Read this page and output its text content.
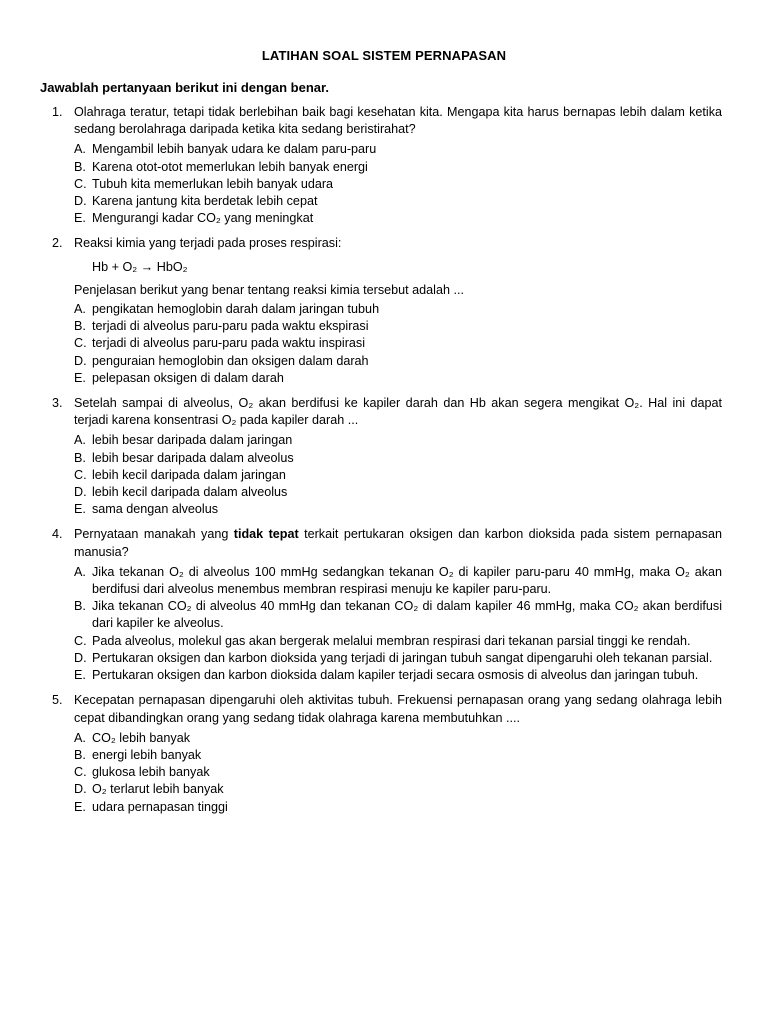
LATIHAN SOAL SISTEM PERNAPASAN
Jawablah pertanyaan berikut ini dengan benar.
1. Olahraga teratur, tetapi tidak berlebihan baik bagi kesehatan kita. Mengapa kita harus bernapas lebih dalam ketika sedang berolahraga daripada ketika kita sedang beristirahat?
A. Mengambil lebih banyak udara ke dalam paru-paru
B. Karena otot-otot memerlukan lebih banyak energi
C. Tubuh kita memerlukan lebih banyak udara
D. Karena jantung kita berdetak lebih cepat
E. Mengurangi kadar CO₂ yang meningkat
2. Reaksi kimia yang terjadi pada proses respirasi:
Hb + O₂ → HbO₂
Penjelasan berikut yang benar tentang reaksi kimia tersebut adalah ...
A. pengikatan hemoglobin darah dalam jaringan tubuh
B. terjadi di alveolus paru-paru pada waktu ekspirasi
C. terjadi di alveolus paru-paru pada waktu inspirasi
D. penguraian hemoglobin dan oksigen dalam darah
E. pelepasan oksigen di dalam darah
3. Setelah sampai di alveolus, O₂ akan berdifusi ke kapiler darah dan Hb akan segera mengikat O₂. Hal ini dapat terjadi karena konsentrasi O₂ pada kapiler darah ...
A. lebih besar daripada dalam jaringan
B. lebih besar daripada dalam alveolus
C. lebih kecil daripada dalam jaringan
D. lebih kecil daripada dalam alveolus
E. sama dengan alveolus
4. Pernyataan manakah yang tidak tepat terkait pertukaran oksigen dan karbon dioksida pada sistem pernapasan manusia?
A. Jika tekanan O₂ di alveolus 100 mmHg sedangkan tekanan O₂ di kapiler paru-paru 40 mmHg, maka O₂ akan berdifusi dari alveolus menembus membran respirasi menuju ke kapiler paru-paru.
B. Jika tekanan CO₂ di alveolus 40 mmHg dan tekanan CO₂ di dalam kapiler 46 mmHg, maka CO₂ akan berdifusi dari kapiler ke alveolus.
C. Pada alveolus, molekul gas akan bergerak melalui membran respirasi dari tekanan parsial tinggi ke rendah.
D. Pertukaran oksigen dan karbon dioksida yang terjadi di jaringan tubuh sangat dipengaruhi oleh tekanan parsial.
E. Pertukaran oksigen dan karbon dioksida dalam kapiler terjadi secara osmosis di alveolus dan jaringan tubuh.
5. Kecepatan pernapasan dipengaruhi oleh aktivitas tubuh. Frekuensi pernapasan orang yang sedang olahraga lebih cepat dibandingkan orang yang sedang tidak olahraga karena membutuhkan ....
A. CO₂ lebih banyak
B. energi lebih banyak
C. glukosa lebih banyak
D. O₂ terlarut lebih banyak
E. udara pernapasan tinggi
